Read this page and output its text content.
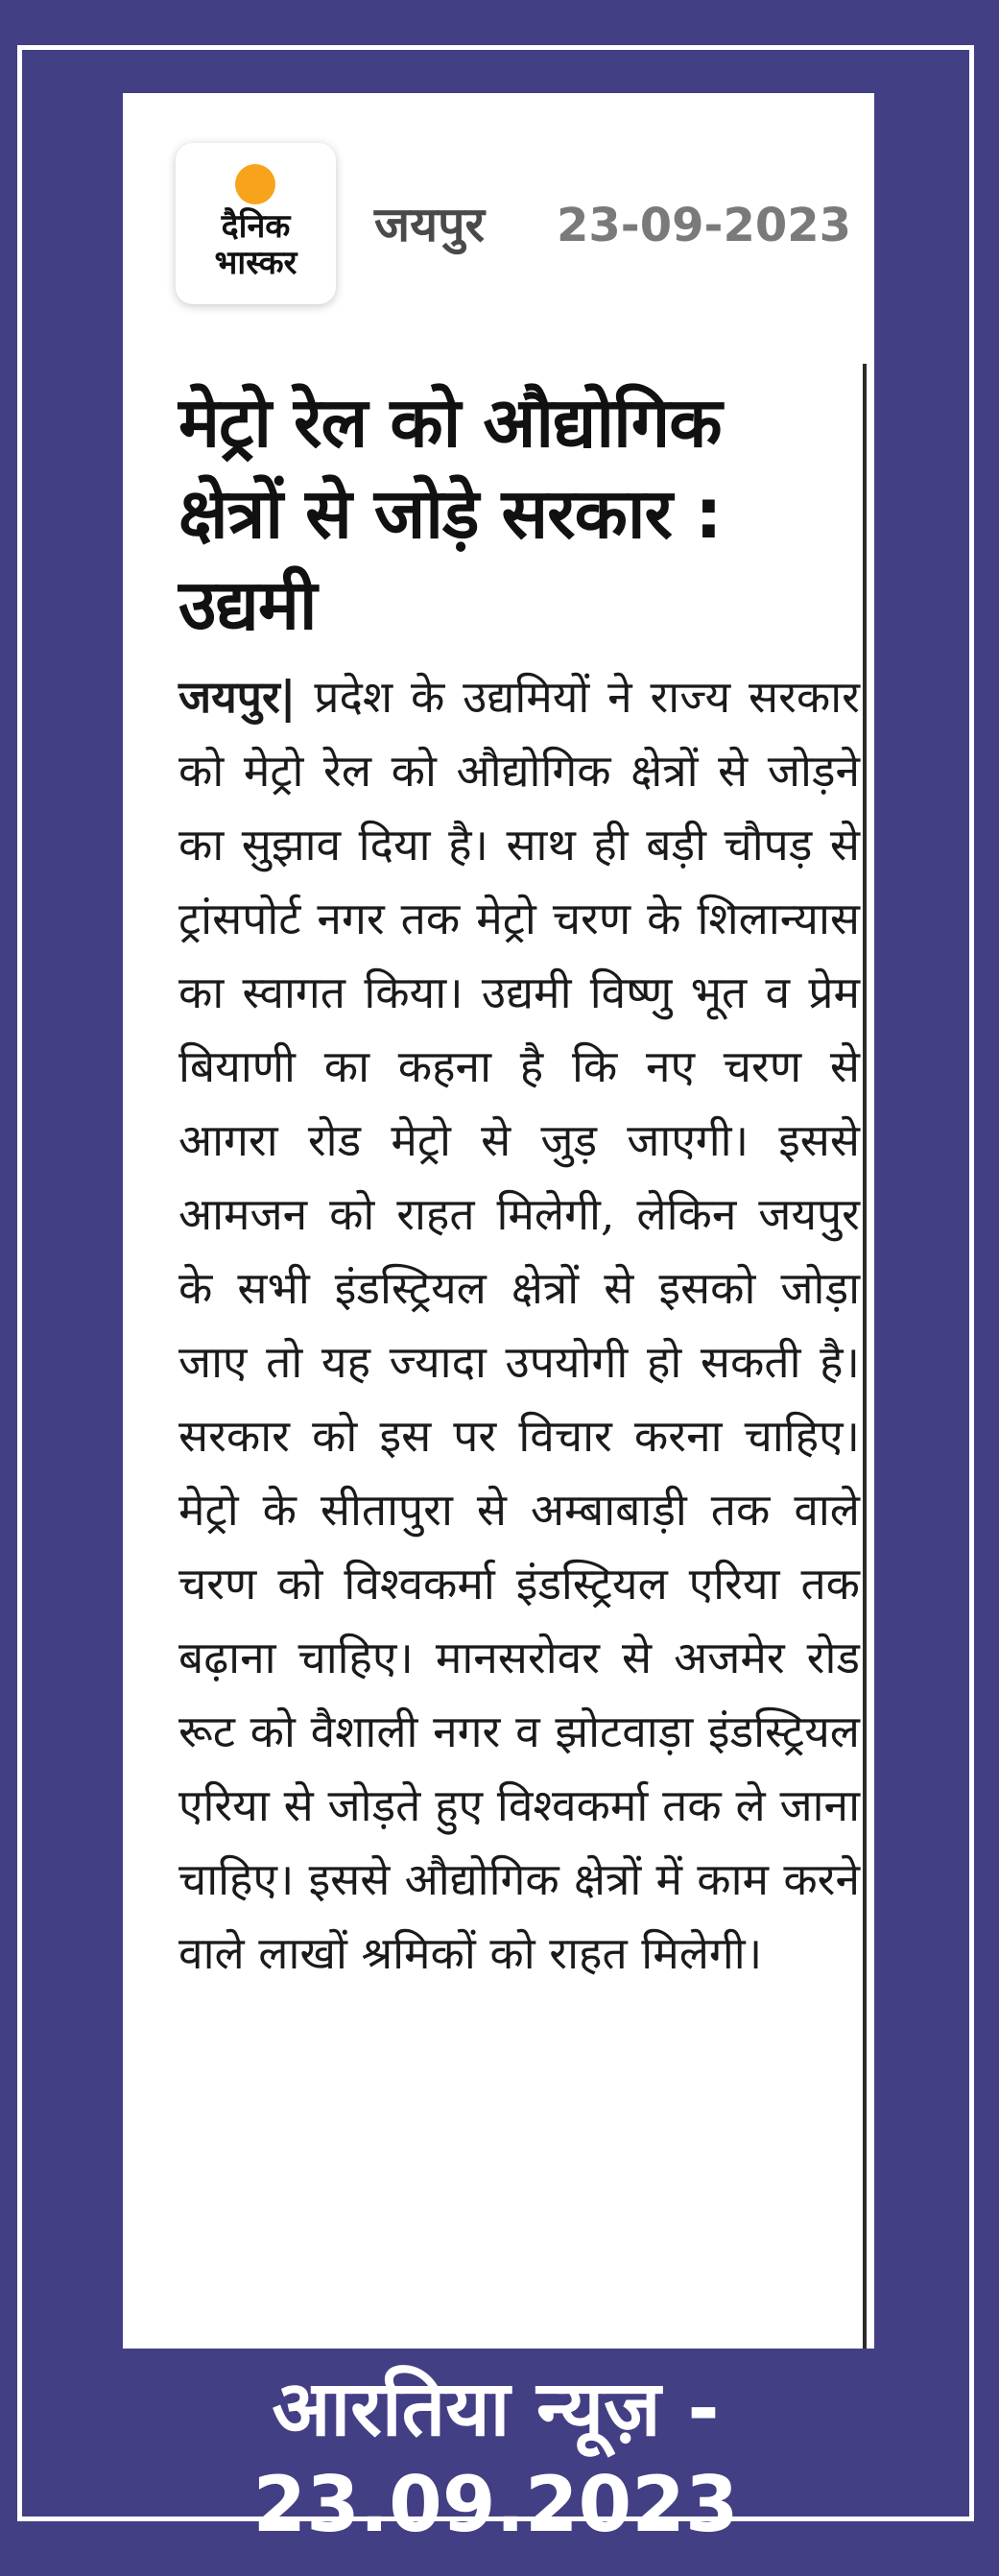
दैनिक
भास्कर
जयपुर 23-09-2023
मेट्रो रेल को औद्योगिक
क्षेत्रों से जोड़े सरकार : उद्यमी

जयपुर| प्रदेश के उद्यमियों ने राज्य सरकार को मेट्रो रेल को औद्योगिक क्षेत्रों से जोड़ने का सुझाव दिया है। साथ ही बड़ी चौपड़ से ट्रांसपोर्ट नगर तक मेट्रो चरण के शिलान्यास का स्वागत किया। उद्यमी विष्णु भूत व प्रेम बियाणी का कहना है कि नए चरण से आगरा रोड मेट्रो से जुड़ जाएगी। इससे आमजन को राहत मिलेगी, लेकिन जयपुर के सभी इंडस्ट्रियल क्षेत्रों से इसको जोड़ा जाए तो यह ज्यादा उपयोगी हो सकती है। सरकार को इस पर विचार करना चाहिए। मेट्रो के सीतापुरा से अम्बाबाड़ी तक वाले चरण को विश्वकर्मा इंडस्ट्रियल एरिया तक बढ़ाना चाहिए। मानसरोवर से अजमेर रोड रूट को वैशाली नगर व झोटवाड़ा इंडस्ट्रियल एरिया से जोड़ते हुए विश्वकर्मा तक ले जाना चाहिए। इससे औद्योगिक क्षेत्रों में काम करने वाले लाखों श्रमिकों को राहत मिलेगी।

आरतिया न्यूज़ - 23.09.2023
